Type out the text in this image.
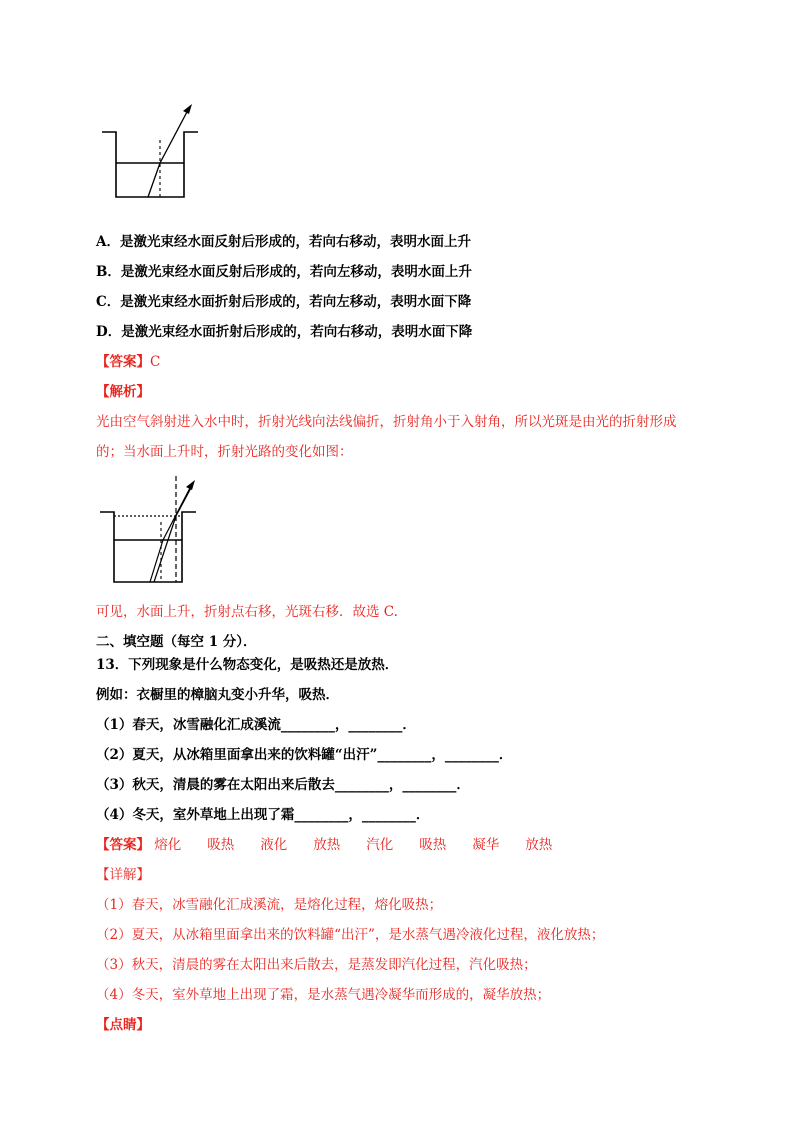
A．是激光束经水面反射后形成的，若向右移动，表明水面上升
B．是激光束经水面反射后形成的，若向左移动，表明水面上升
C．是激光束经水面折射后形成的，若向左移动，表明水面下降
D．是激光束经水面折射后形成的，若向右移动，表明水面下降
【答案】C
【解析】
光由空气斜射进入水中时，折射光线向法线偏折，折射角小于入射角，所以光斑是由光的折射形成
的；当水面上升时，折射光路的变化如图：
可见，水面上升，折射点右移，光斑右移．故选 C.
二、填空题（每空 1 分）．
13．下列现象是什么物态变化，是吸热还是放热．
例如：衣橱里的樟脑丸变小升华，吸热．
（1）春天，冰雪融化汇成溪流________，________．
（2）夏天，从冰箱里面拿出来的饮料罐“出汗”________，________．
（3）秋天，清晨的雾在太阳出来后散去________，________．
（4）冬天，室外草地上出现了霜________，________．
【答案】 熔化 吸热 液化 放热 汽化 吸热 凝华 放热
【详解】
（1）春天，冰雪融化汇成溪流，是熔化过程，熔化吸热；
（2）夏天，从冰箱里面拿出来的饮料罐“出汗”，是水蒸气遇冷液化过程，液化放热；
（3）秋天，清晨的雾在太阳出来后散去，是蒸发即汽化过程，汽化吸热；
（4）冬天，室外草地上出现了霜，是水蒸气遇冷凝华而形成的，凝华放热；
【点睛】
